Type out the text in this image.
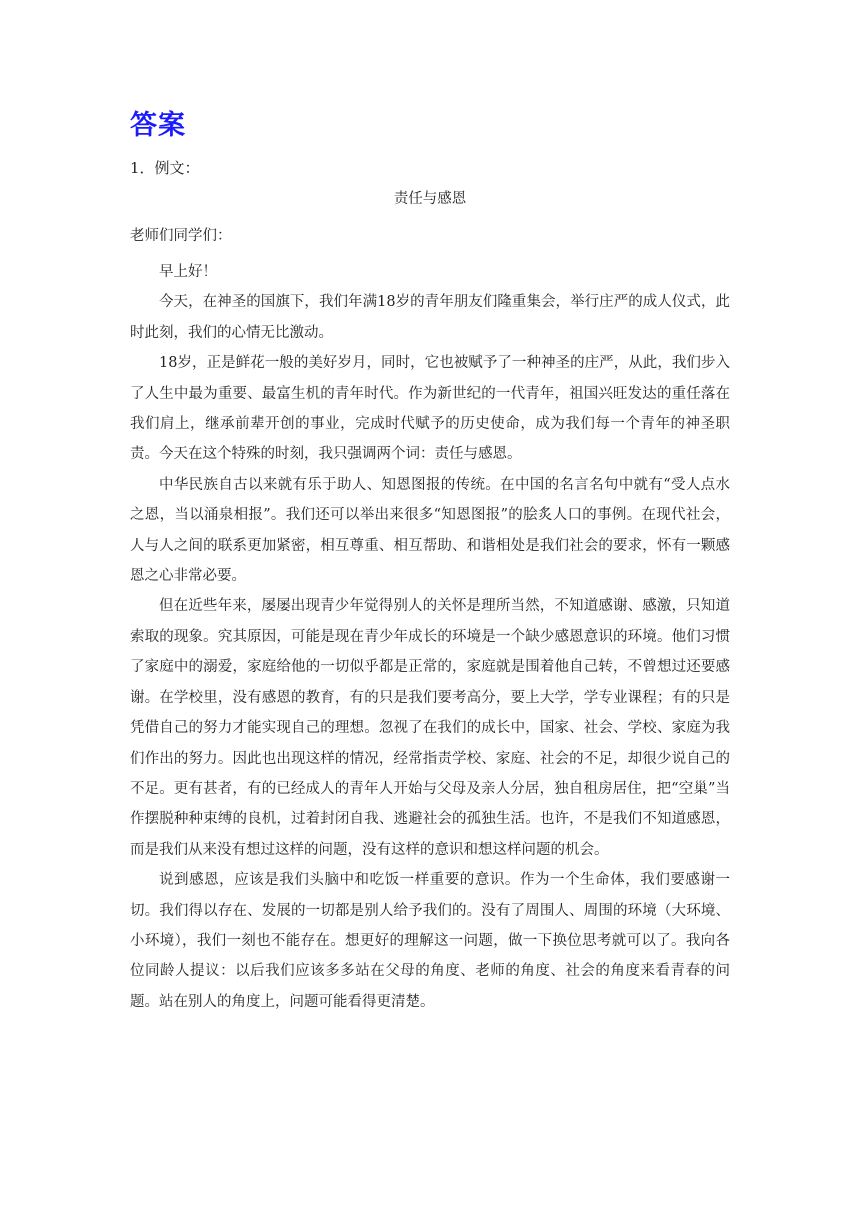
答案
1．例文：
责任与感恩
老师们同学们：

早上好！

今天，在神圣的国旗下，我们年满18岁的青年朋友们隆重集会，举行庄严的成人仪式，此时此刻，我们的心情无比激动。

18岁，正是鲜花一般的美好岁月，同时，它也被赋予了一种神圣的庄严，从此，我们步入了人生中最为重要、最富生机的青年时代。作为新世纪的一代青年，祖国兴旺发达的重任落在我们肩上，继承前辈开创的事业，完成时代赋予的历史使命，成为我们每一个青年的神圣职责。今天在这个特殊的时刻，我只强调两个词：责任与感恩。

中华民族自古以来就有乐于助人、知恩图报的传统。在中国的名言名句中就有“受人点水之恩，当以涌泉相报”。我们还可以举出来很多“知恩图报”的脍炙人口的事例。在现代社会，人与人之间的联系更加紧密，相互尊重、相互帮助、和谐相处是我们社会的要求，怀有一颗感恩之心非常必要。

但在近些年来，屡屡出现青少年觉得别人的关怀是理所当然，不知道感谢、感激，只知道索取的现象。究其原因，可能是现在青少年成长的环境是一个缺少感恩意识的环境。他们习惯了家庭中的溺爱，家庭给他的一切似乎都是正常的，家庭就是围着他自己转，不曾想过还要感谢。在学校里，没有感恩的教育，有的只是我们要考高分，要上大学，学专业课程；有的只是凭借自己的努力才能实现自己的理想。忽视了在我们的成长中，国家、社会、学校、家庭为我们作出的努力。因此也出现这样的情况，经常指责学校、家庭、社会的不足，却很少说自己的不足。更有甚者，有的已经成人的青年人开始与父母及亲人分居，独自租房居住，把“空巢”当作摆脱种种束缚的良机，过着封闭自我、逃避社会的孤独生活。也许，不是我们不知道感恩，而是我们从来没有想过这样的问题，没有这样的意识和想这样问题的机会。

说到感恩，应该是我们头脑中和吃饭一样重要的意识。作为一个生命体，我们要感谢一切。我们得以存在、发展的一切都是别人给予我们的。没有了周围人、周围的环境（大环境、小环境），我们一刻也不能存在。想更好的理解这一问题，做一下换位思考就可以了。我向各位同龄人提议：以后我们应该多多站在父母的角度、老师的角度、社会的角度来看青春的问题。站在别人的角度上，问题可能看得更清楚。
